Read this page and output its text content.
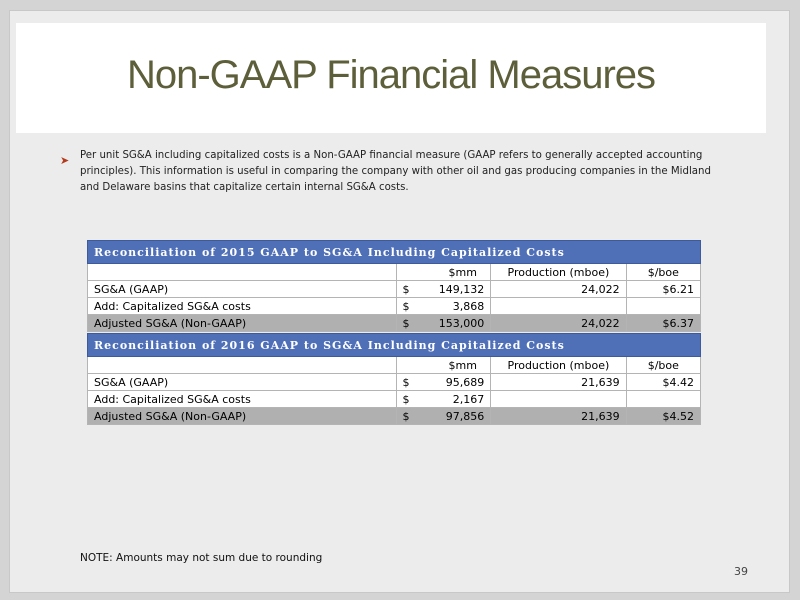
Non-GAAP Financial Measures
➤ Per unit SG&A including capitalized costs is a Non-GAAP financial measure (GAAP refers to generally accepted accounting principles). This information is useful in comparing the company with other oil and gas producing companies in the Midland and Delaware basins that capitalize certain internal SG&A costs.
Reconciliation of 2015 GAAP to SG&A Including Capitalized Costs				
	$mm		Production (mboe)	$/boe
SG&A (GAAP)	$	149,132	24,022	$6.21
Add: Capitalized SG&A costs	$	3,868		
Adjusted SG&A (Non-GAAP)	$	153,000	24,022	$6.37
Reconciliation of 2016 GAAP to SG&A Including Capitalized Costs				
	$mm		Production (mboe)	$/boe
SG&A (GAAP)	$	95,689	21,639	$4.42
Add: Capitalized SG&A costs	$	2,167		
Adjusted SG&A (Non-GAAP)	$	97,856	21,639	$4.52
NOTE: Amounts may not sum due to rounding
39
